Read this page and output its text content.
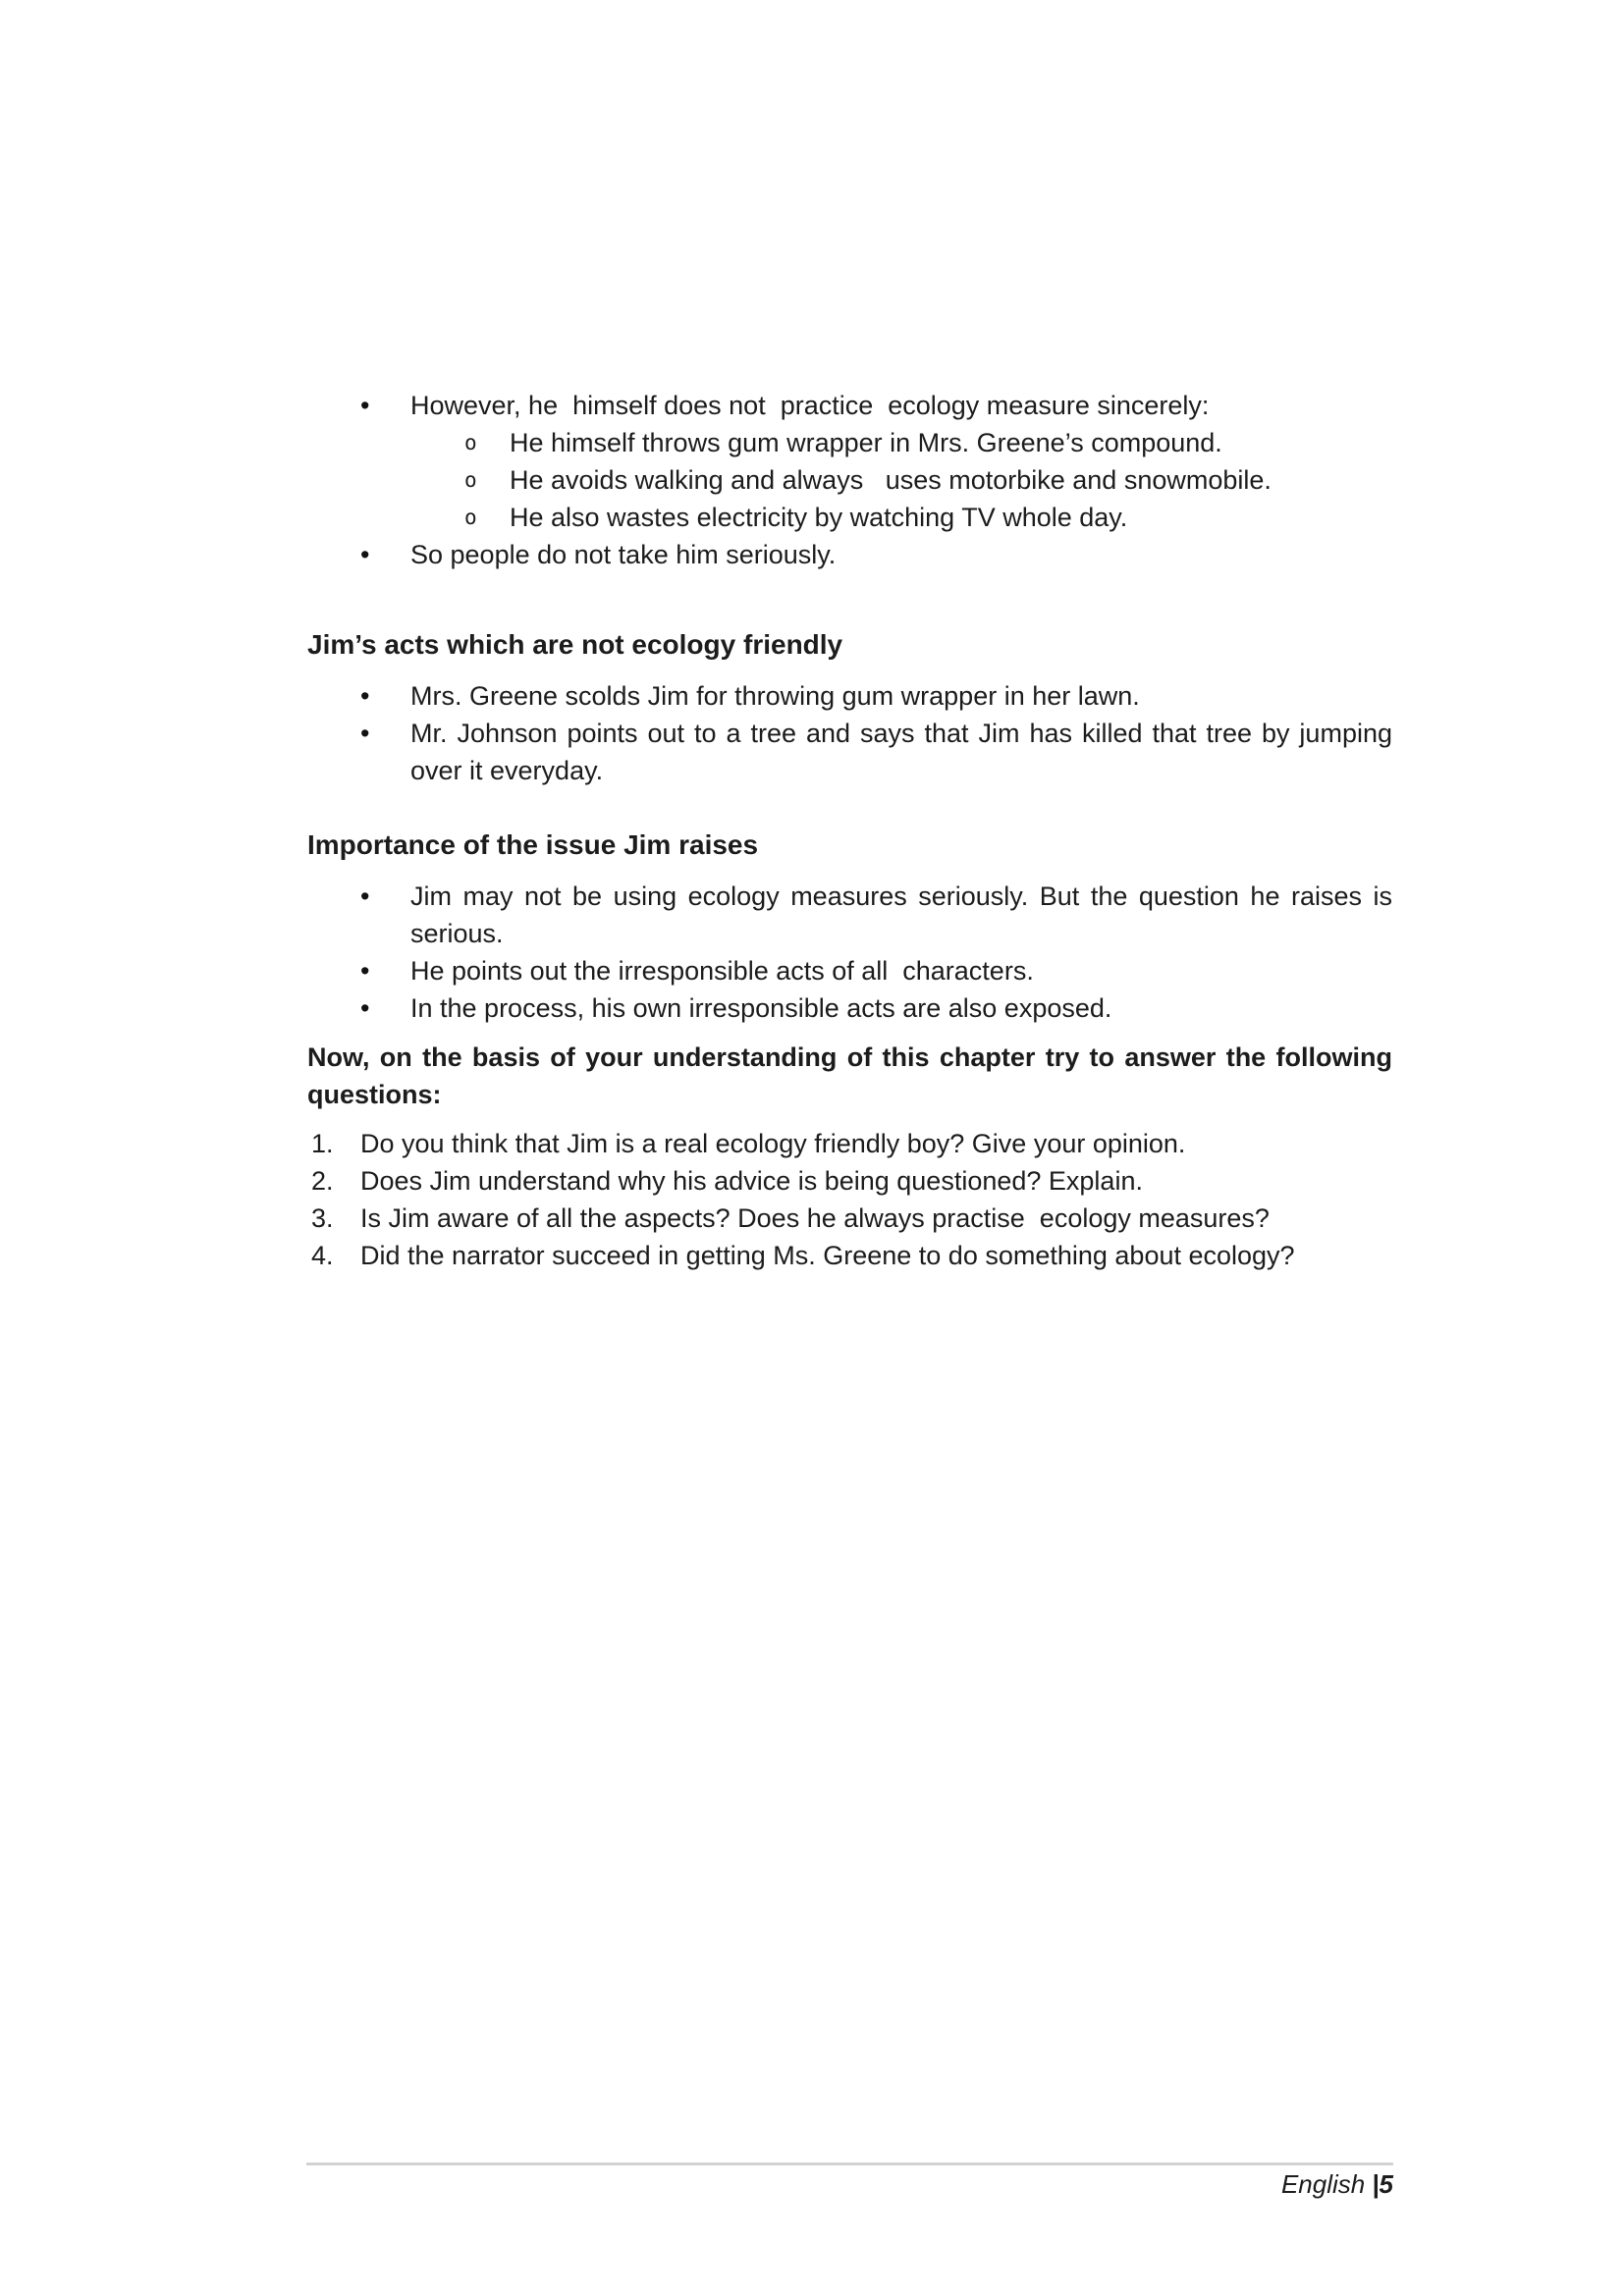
•	However, he  himself does not  practice  ecology measure sincerely:
o	He himself throws gum wrapper in Mrs. Greene’s compound.
o	He avoids walking and always   uses motorbike and snowmobile.
o	He also wastes electricity by watching TV whole day.
•	So people do not take him seriously.
Jim’s acts which are not ecology friendly
•	Mrs. Greene scolds Jim for throwing gum wrapper in her lawn.
•	Mr. Johnson points out to a tree and says that Jim has killed that tree by jumping
over it everyday.
Importance of the issue Jim raises
•	Jim may not be using ecology measures seriously. But the question he raises is
serious.
•	He points out the irresponsible acts of all  characters.
•	In the process, his own irresponsible acts are also exposed.
Now, on the basis of your understanding of this chapter try to answer the following
questions:
1.	Do you think that Jim is a real ecology friendly boy? Give your opinion.
2.	Does Jim understand why his advice is being questioned? Explain.
3.	Is Jim aware of all the aspects? Does he always practise  ecology measures?
4.	Did the narrator succeed in getting Ms. Greene to do something about ecology?
English |5
